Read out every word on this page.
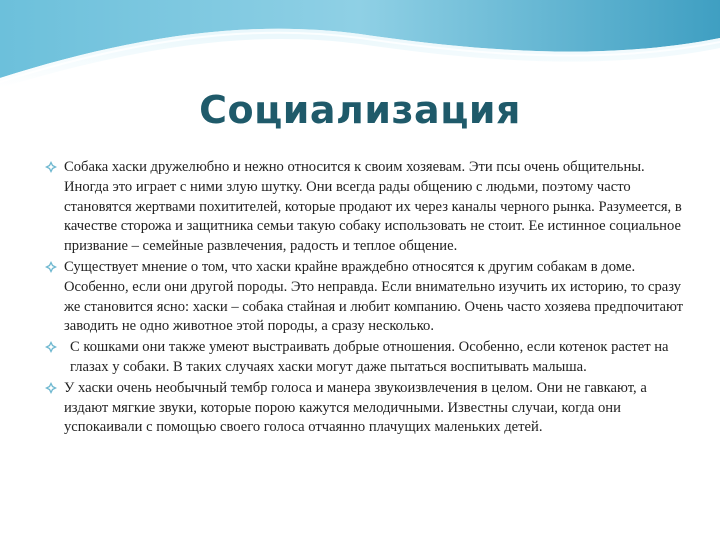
Социализация
Собака хаски дружелюбно и нежно относится к своим хозяевам. Эти псы очень общительны. Иногда это играет с ними злую шутку. Они всегда рады общению с людьми, поэтому часто становятся жертвами похитителей, которые продают их через каналы черного рынка. Разумеется, в качестве сторожа и защитника семьи такую собаку использовать не стоит. Ее истинное социальное призвание – семейные развлечения, радость и теплое общение.
Существует мнение о том, что хаски крайне враждебно относятся к другим собакам в доме. Особенно, если они другой породы. Это неправда. Если внимательно изучить их историю, то сразу же становится ясно: хаски – собака стайная и любит компанию. Очень часто хозяева предпочитают заводить не одно животное этой породы, а сразу несколько.
С кошками они также умеют выстраивать добрые отношения. Особенно, если котенок растет на глазах у собаки. В таких случаях хаски могут даже пытаться воспитывать малыша.
У хаски очень необычный тембр голоса и манера звукоизвлечения в целом. Они не гавкают, а издают мягкие звуки, которые порою кажутся мелодичными. Известны случаи, когда они успокаивали с помощью своего голоса отчаянно плачущих маленьких детей.
